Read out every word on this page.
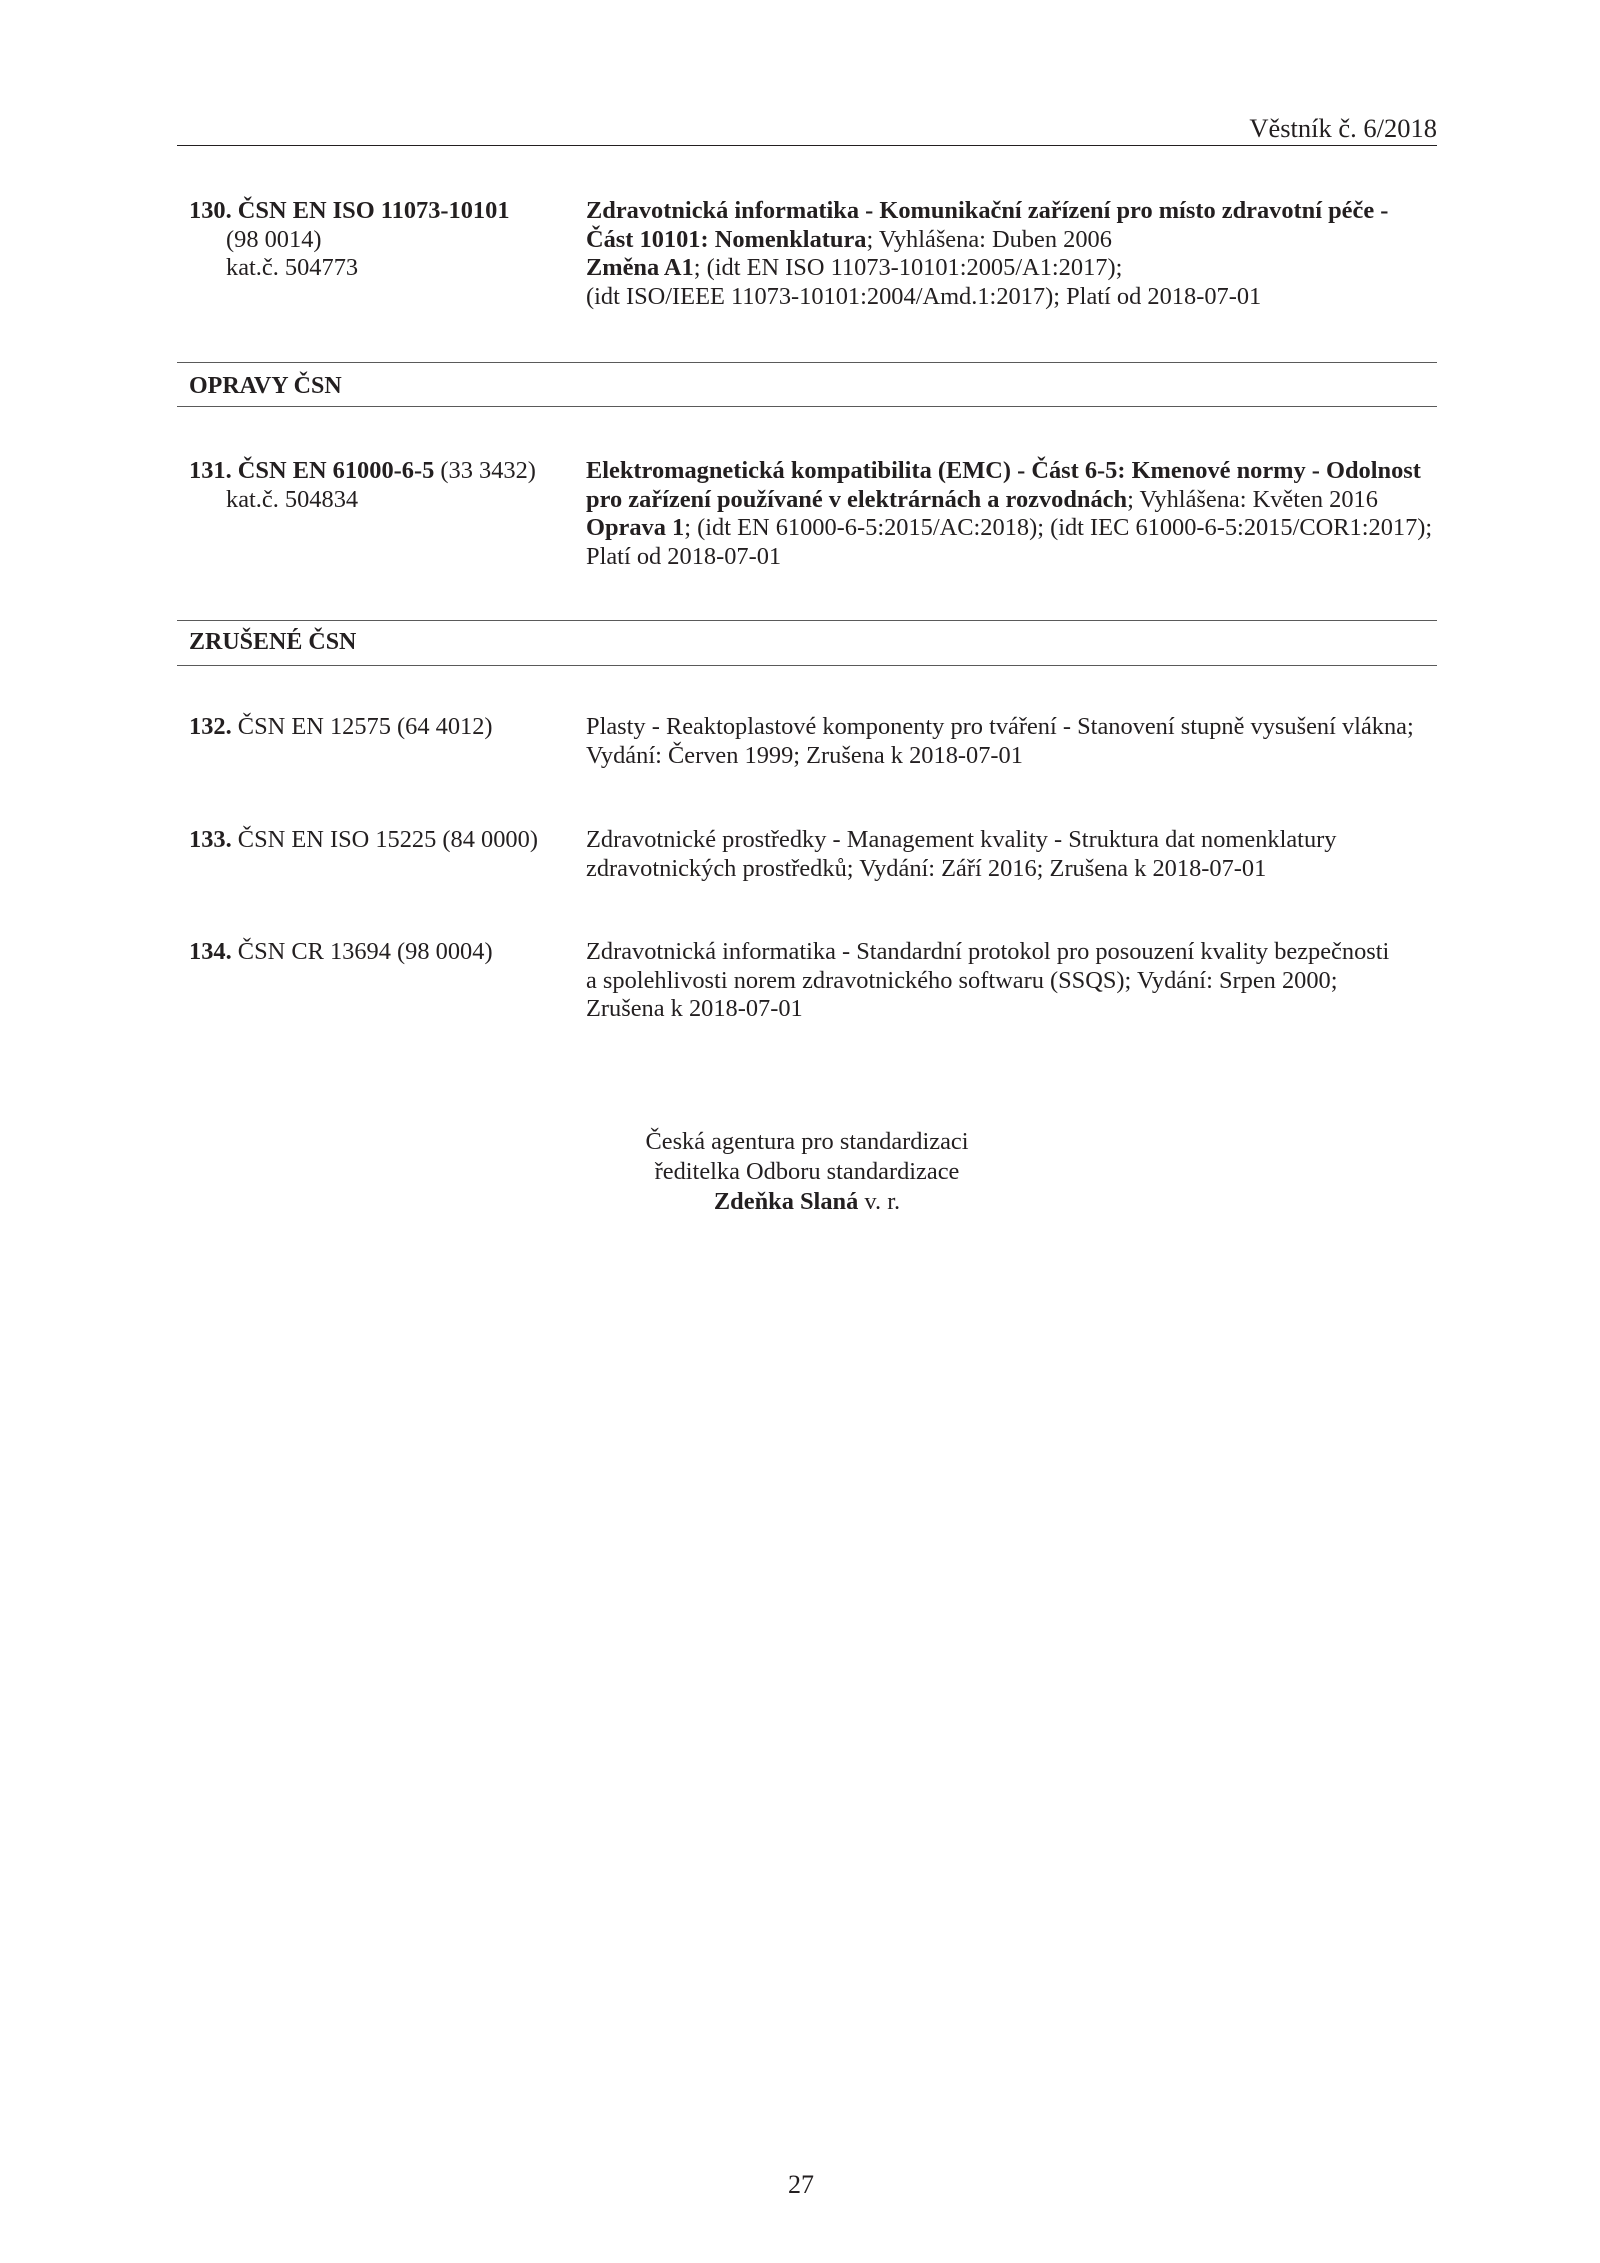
Věstník č. 6/2018
130. ČSN EN ISO 11073-10101
(98 0014)
kat.č. 504773
Zdravotnická informatika - Komunikační zařízení pro místo zdravotní péče -
Část 10101: Nomenklatura; Vyhlášena: Duben 2006
Změna A1; (idt EN ISO 11073-10101:2005/A1:2017);
(idt ISO/IEEE 11073-10101:2004/Amd.1:2017); Platí od 2018-07-01
OPRAVY ČSN
131. ČSN EN 61000-6-5 (33 3432)
kat.č. 504834
Elektromagnetická kompatibilita (EMC) - Část 6-5: Kmenové normy - Odolnost
pro zařízení používané v elektrárnách a rozvodnách; Vyhlášena: Květen 2016
Oprava 1; (idt EN 61000-6-5:2015/AC:2018); (idt IEC 61000-6-5:2015/COR1:2017);
Platí od 2018-07-01
ZRUŠENÉ ČSN
132. ČSN EN 12575 (64 4012)	Plasty - Reaktoplastové komponenty pro tváření - Stanovení stupně vysušení vlákna;
Vydání: Červen 1999; Zrušena k 2018-07-01
133. ČSN EN ISO 15225 (84 0000) Zdravotnické prostředky - Management kvality - Struktura dat nomenklatury
zdravotnických prostředků; Vydání: Září 2016; Zrušena k 2018-07-01
134. ČSN CR 13694 (98 0004)	Zdravotnická informatika - Standardní protokol pro posouzení kvality bezpečnosti
a spolehlivosti norem zdravotnického softwaru (SSQS); Vydání: Srpen 2000;
Zrušena k 2018-07-01
Česká agentura pro standardizaci
ředitelka Odboru standardizace
Zdeňka Slaná v. r.
27
